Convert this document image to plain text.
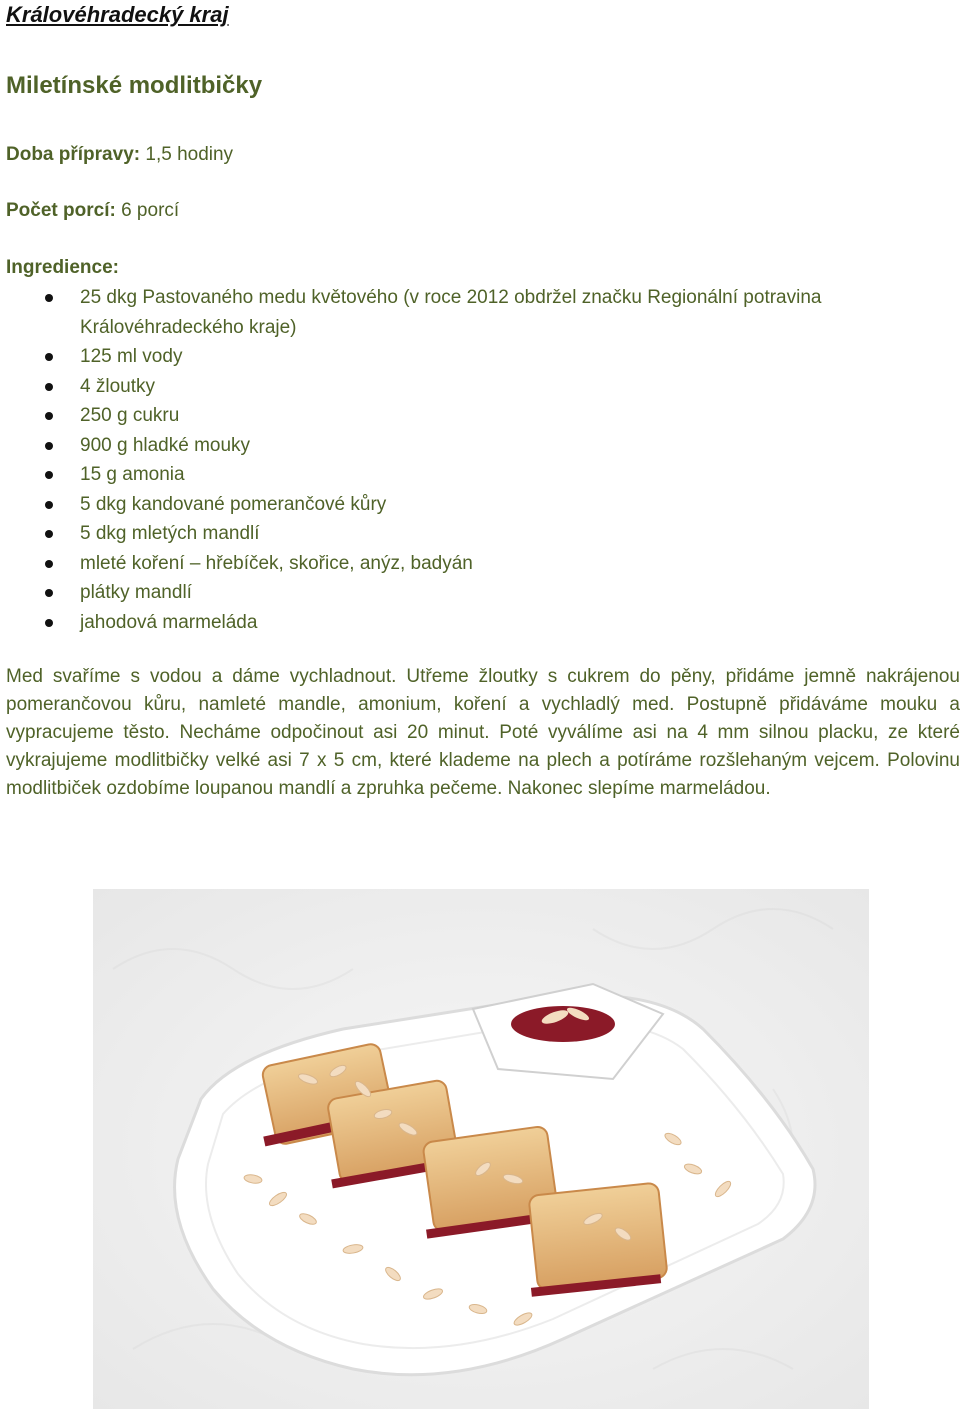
Královéhradecký kraj
Miletínské modlitbičky
Doba přípravy: 1,5 hodiny
Počet porcí: 6 porcí
Ingredience:
25 dkg Pastovaného medu květového (v roce 2012 obdržel značku Regionální potravina Královéhradeckého kraje)
125 ml vody
4 žloutky
250 g cukru
900 g hladké mouky
15 g amonia
5 dkg kandované pomerančové kůry
5 dkg mletých mandlí
mleté koření – hřebíček, skořice, anýz, badyán
plátky mandlí
jahodová marmeláda

Med svaříme s vodou a dáme vychladnout. Utřeme žloutky s cukrem do pěny, přidáme jemně nakrájenou pomerančovou kůru, namleté mandle, amonium, koření a vychladlý med. Postupně přidáváme mouku a vypracujeme těsto. Necháme odpočinout asi 20 minut. Poté vyválíme asi na 4 mm silnou placku, ze které vykrajujeme modlitbičky velké asi 7 x 5 cm, které klademe na plech a potíráme rozšlehaným vejcem. Polovinu modlitbiček ozdobíme loupanou mandlí a zpruhka pečeme. Nakonec slepíme marmeládou.
